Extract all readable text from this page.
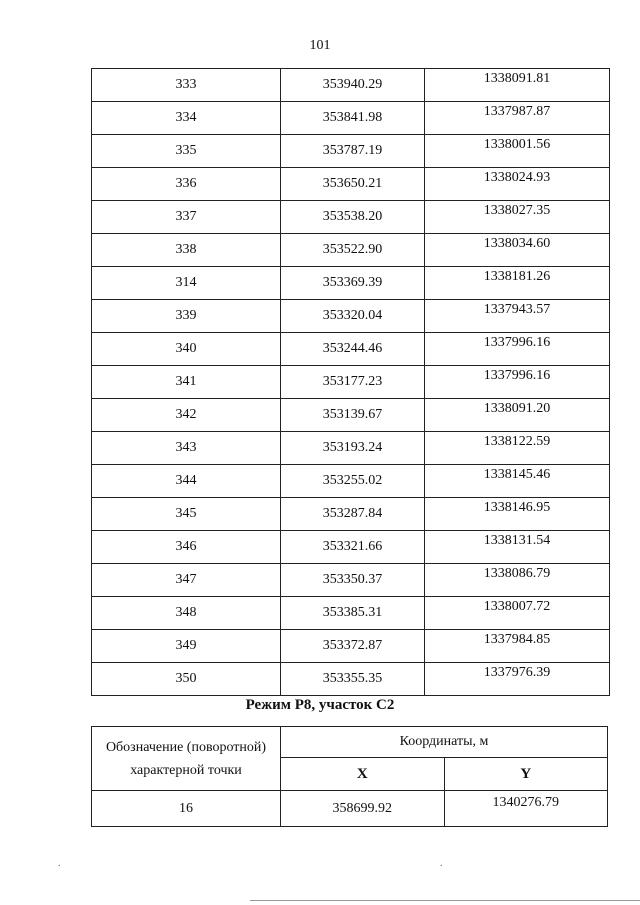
101
333	353940.29	1338091.81
334	353841.98	1337987.87
335	353787.19	1338001.56
336	353650.21	1338024.93
337	353538.20	1338027.35
338	353522.90	1338034.60
314	353369.39	1338181.26
339	353320.04	1337943.57
340	353244.46	1337996.16
341	353177.23	1337996.16
342	353139.67	1338091.20
343	353193.24	1338122.59
344	353255.02	1338145.46
345	353287.84	1338146.95
346	353321.66	1338131.54
347	353350.37	1338086.79
348	353385.31	1338007.72
349	353372.87	1337984.85
350	353355.35	1337976.39
Режим Р8, участок С2
Обозначение (поворотной)
характерной точки	Координаты, м	
	X	Y
16	358699.92	1340276.79
.	.
